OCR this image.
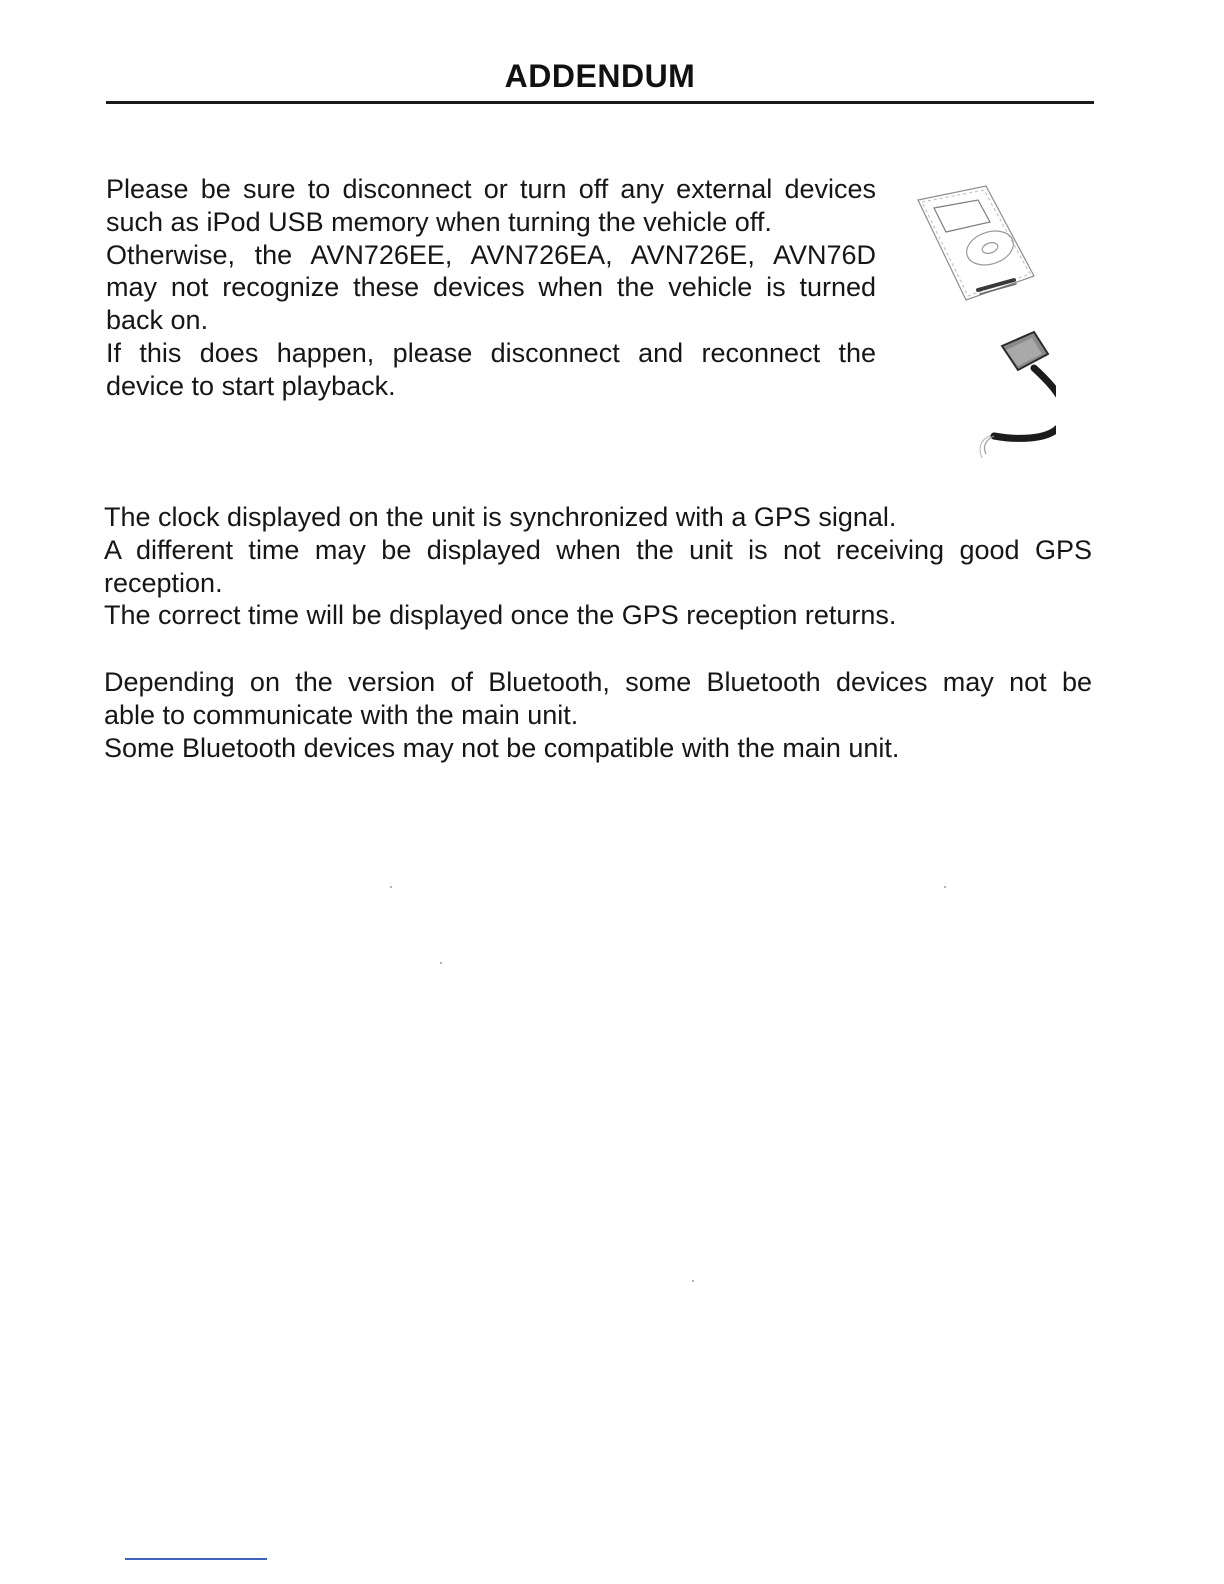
ADDENDUM
Please be sure to disconnect or turn off any external devices
such as iPod USB memory when turning the vehicle off.
Otherwise, the AVN726EE, AVN726EA, AVN726E, AVN76D
may not recognize these devices when the vehicle is turned
back on.
If this does happen, please disconnect and reconnect the
device to start playback.
The clock displayed on the unit is synchronized with a GPS signal.
A different time may be displayed when the unit is not receiving good GPS
reception.
The correct time will be displayed once the GPS reception returns.
Depending on the version of Bluetooth, some Bluetooth devices may not be
able to communicate with the main unit.
Some Bluetooth devices may not be compatible with the main unit.
